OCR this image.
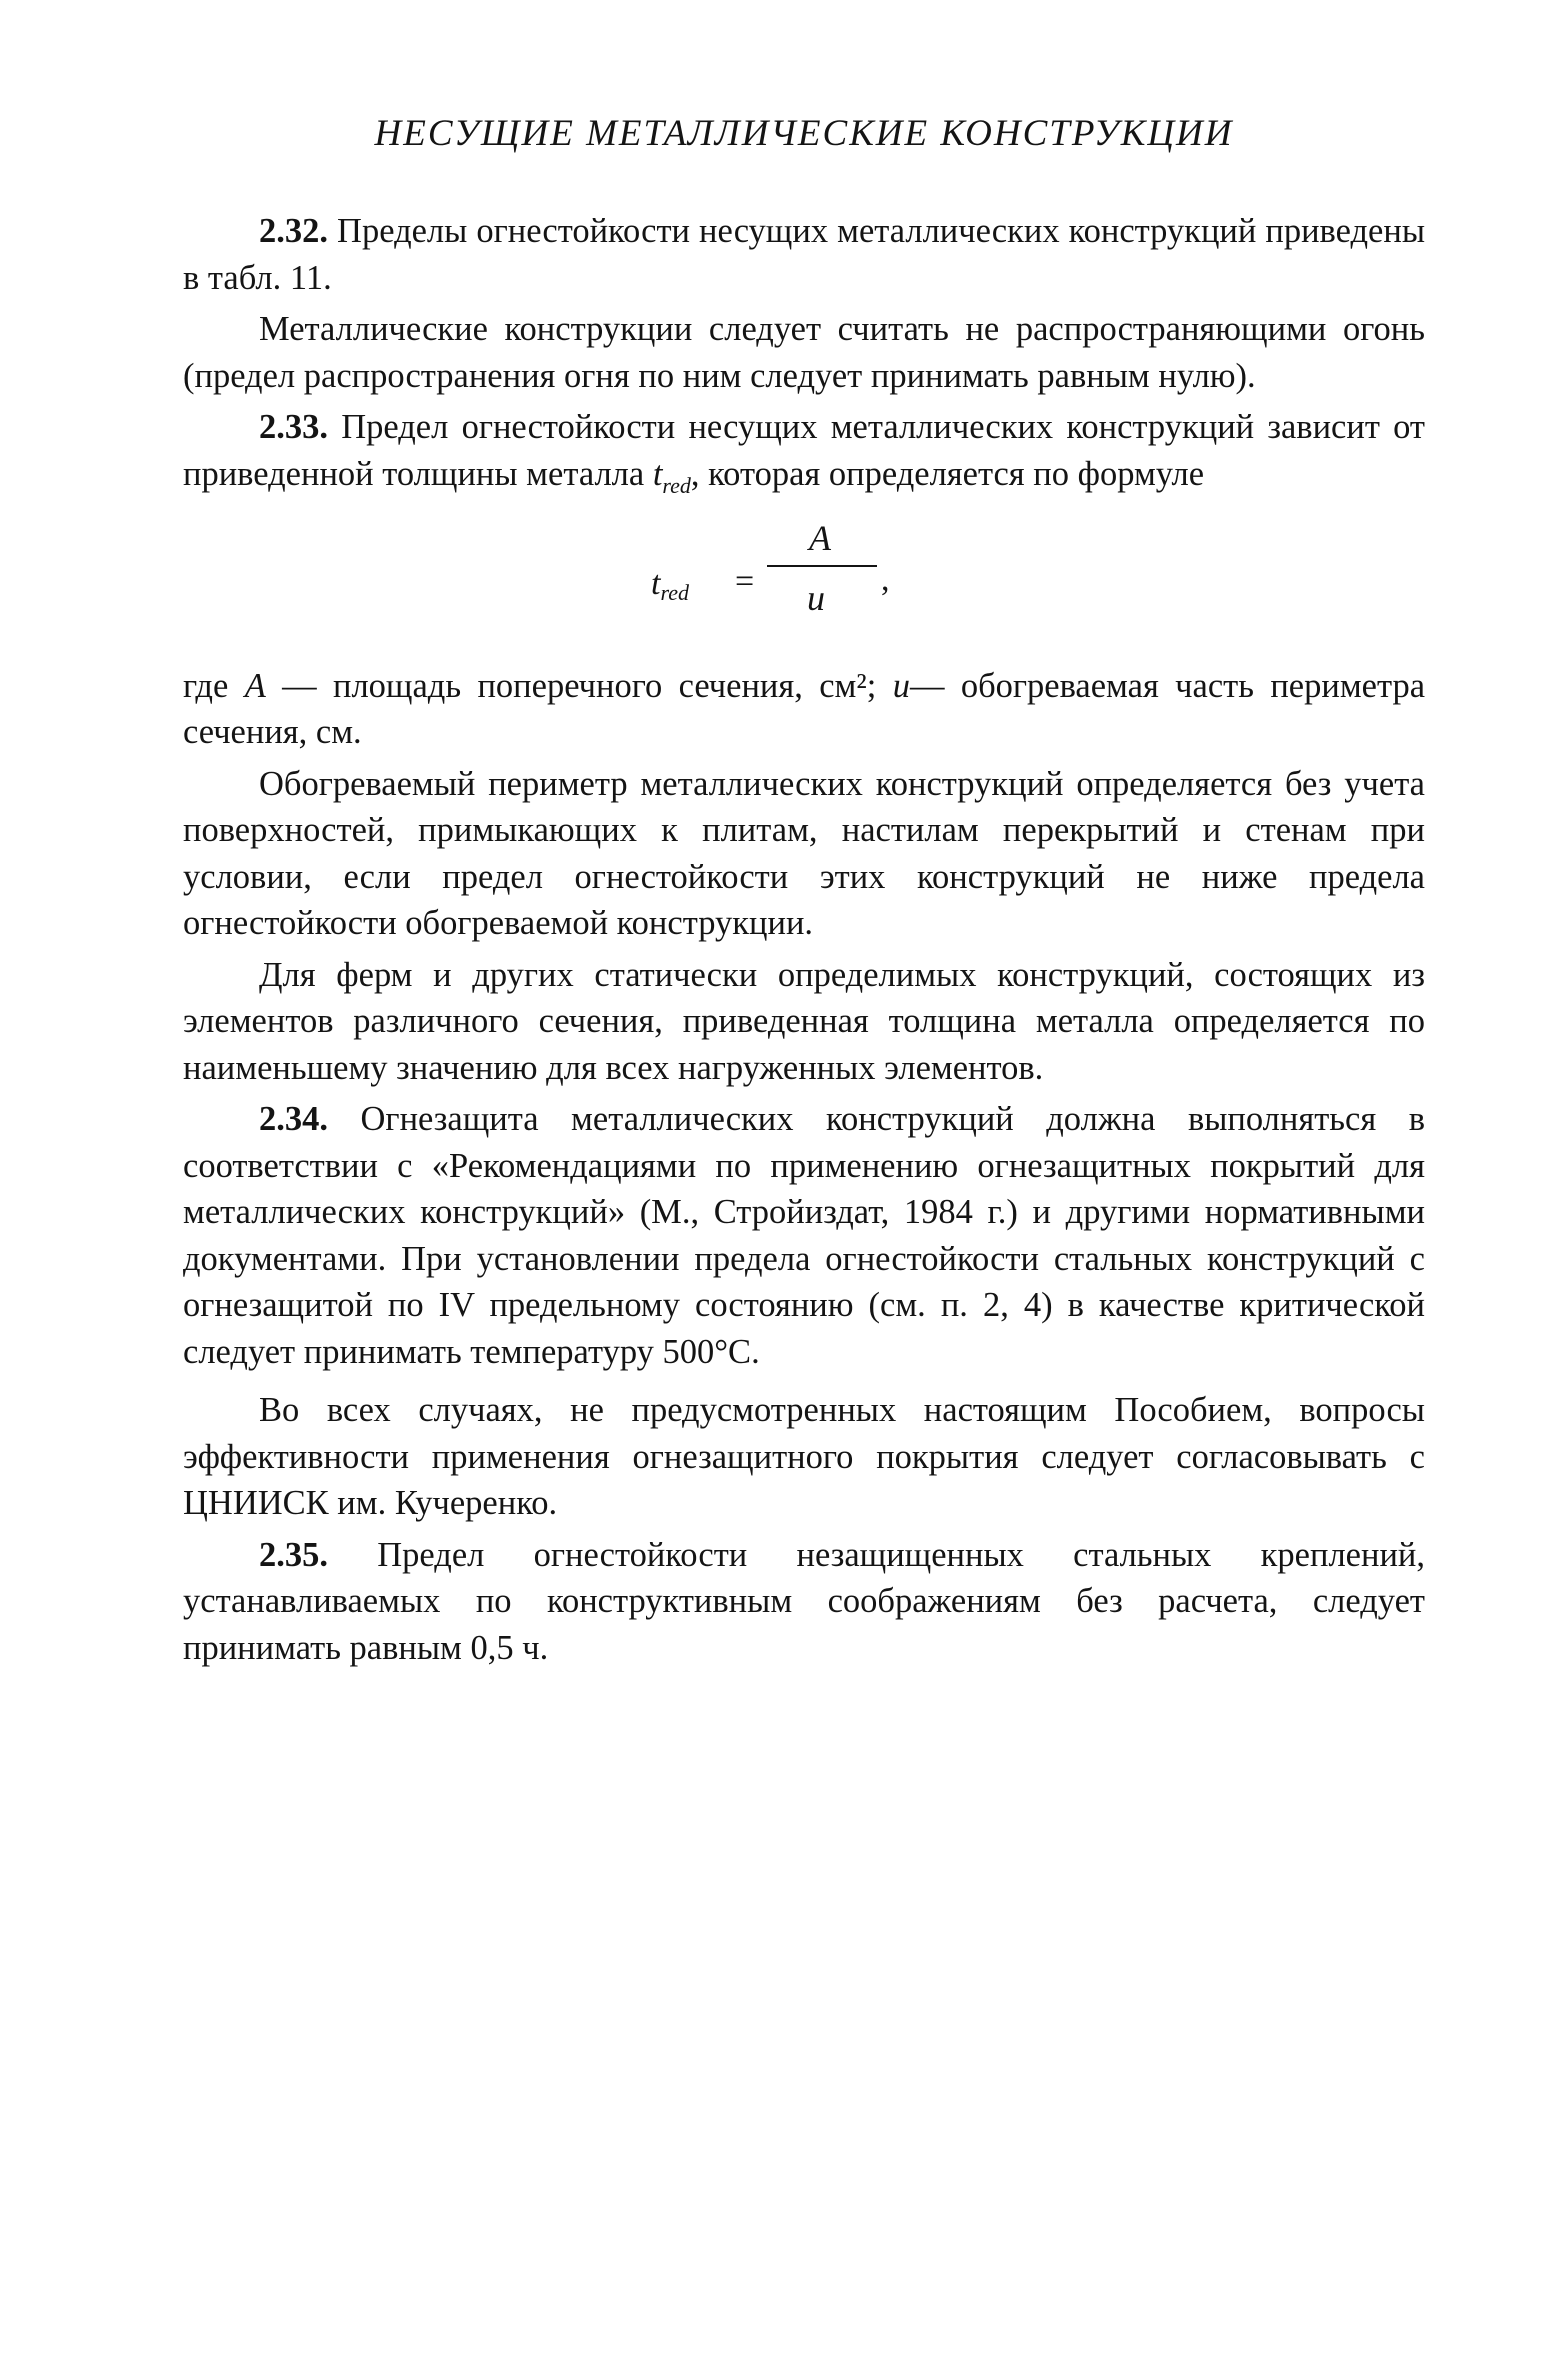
НЕСУЩИЕ МЕТАЛЛИЧЕСКИЕ КОНСТРУКЦИИ

2.32. Пределы огнестойкости несущих металлических конструкций приведены в табл. 11.

Металлические конструкции следует считать не распространяющими огонь (предел распространения огня по ним следует принимать равным нулю).

2.33. Предел огнестойкости несущих металлических конструкций зависит от приведенной толщины металла $t_{red}$, которая определяется по формуле

$t_{red}$ =
A
u ,

где A — площадь поперечного сечения, см²; u— обогреваемая часть периметра сечения, см.

Обогреваемый периметр металлических конструкций определяется без учета поверхностей, примыкающих к плитам, настилам перекрытий и стенам при условии, если предел огнестойкости этих конструкций не ниже предела огнестойкости обогреваемой конструкции.

Для ферм и других статически определимых конструкций, состоящих из элементов различного сечения, приведенная толщина металла определяется по наименьшему значению для всех нагруженных элементов.

2.34. Огнезащита металлических конструкций должна выполняться в соответствии с «Рекомендациями по применению огнезащитных покрытий для металлических конструкций» (М., Стройиздат, 1984 г.) и другими нормативными документами. При установлении предела огнестойкости стальных конструкций с огнезащитой по IV предельному состоянию (см. п. 2, 4) в качестве критической следует принимать температуру 500°С.

Во всех случаях, не предусмотренных настоящим Пособием, вопросы эффективности применения огнезащитного покрытия следует согласовывать с ЦНИИСК им. Кучеренко.

2.35. Предел огнестойкости незащищенных стальных креплений, устанавливаемых по конструктивным соображениям без расчета, следует принимать равным 0,5 ч.
